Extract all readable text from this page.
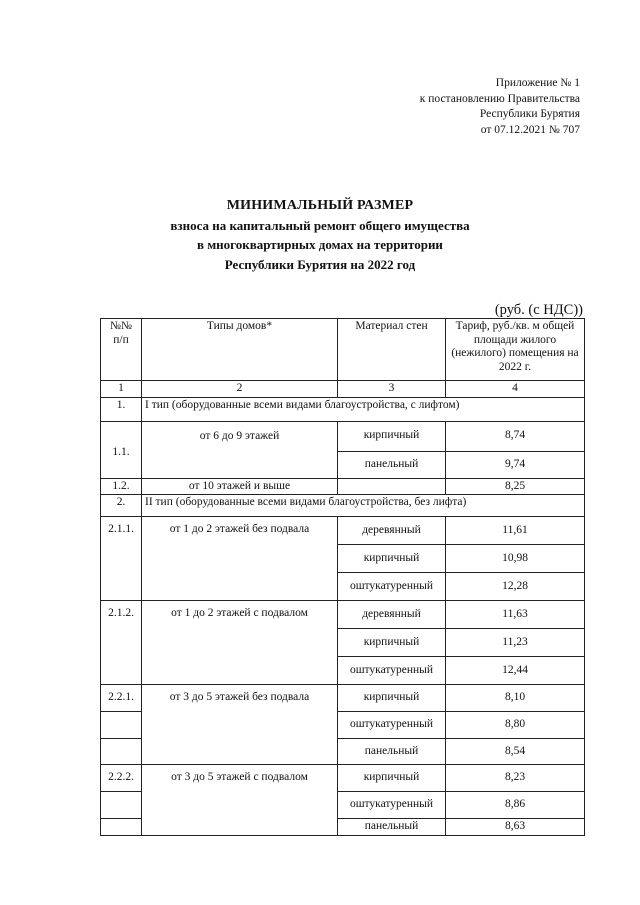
Приложение № 1
к постановлению Правительства
Республики Бурятия
от 07.12.2021 № 707
МИНИМАЛЬНЫЙ РАЗМЕР
взноса на капитальный ремонт общего имущества
в многоквартирных домах на территории
Республики Бурятия на 2022 год
(руб. (с НДС))
№№ п/п	Типы домов*	Материал стен	Тариф, руб./кв. м общей площади жилого (нежилого) помещения на 2022 г.
1	2	3	4
1.	I тип (оборудованные всеми видами благоустройства, с лифтом)		
1.1.	от 6 до 9 этажей	кирпичный	8,74
		панельный	9,74
1.2.	от 10 этажей и выше		8,25
2.	II тип (оборудованные всеми видами благоустройства, без лифта)		
2.1.1.	от 1 до 2 этажей без подвала	деревянный	11,61
		кирпичный	10,98
		оштукатуренный	12,28
2.1.2.	от 1 до 2 этажей с подвалом	деревянный	11,63
		кирпичный	11,23
		оштукатуренный	12,44
2.2.1.	от 3 до 5 этажей без подвала	кирпичный	8,10
		оштукатуренный	8,80
		панельный	8,54
2.2.2.	от 3 до 5 этажей с подвалом	кирпичный	8,23
		оштукатуренный	8,86
		панельный	8,63
